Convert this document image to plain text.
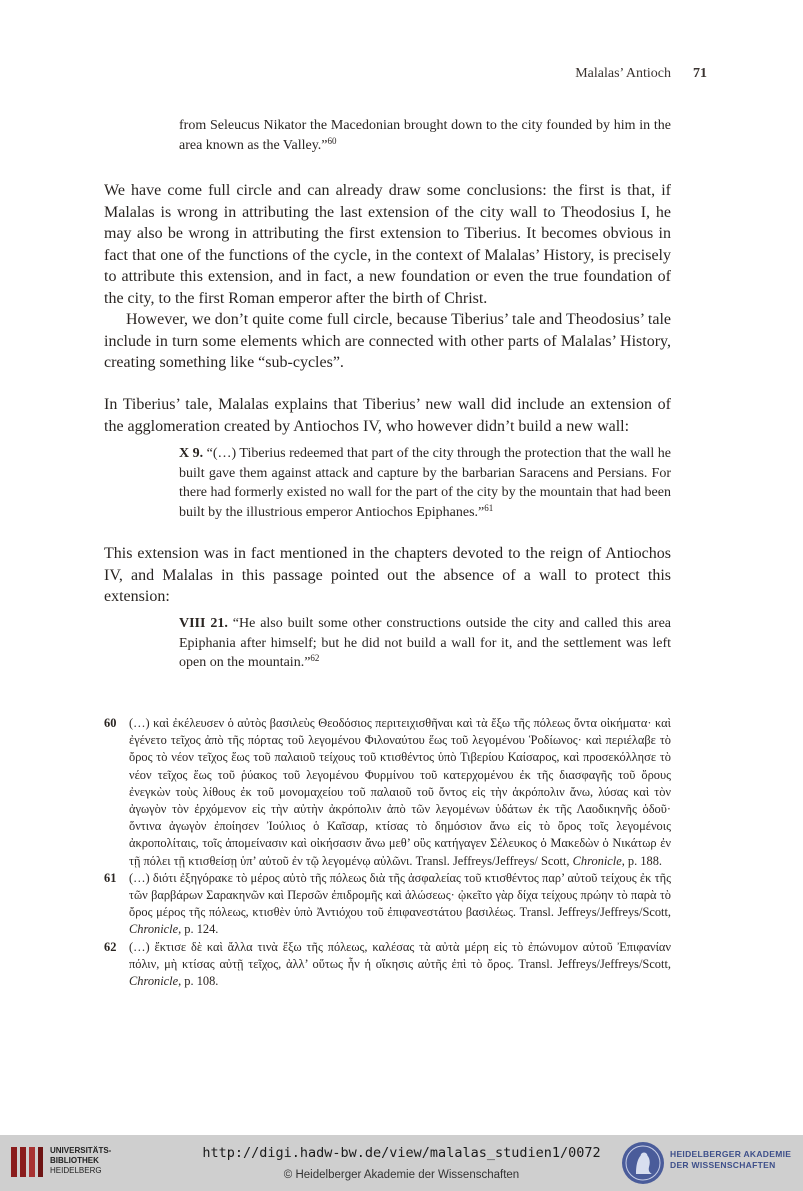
Malalas’ Antioch 71
from Seleucus Nikator the Macedonian brought down to the city founded by him in the area known as the Valley.”$^{60}$

We have come full circle and can already draw some conclusions: the first is that, if Malalas is wrong in attributing the last extension of the city wall to Theodosius I, he may also be wrong in attributing the first extension to Tiberius. It becomes obvious in fact that one of the functions of the cycle, in the context of Malalas’ History, is precisely to attribute this extension, and in fact, a new foundation or even the true foundation of the city, to the first Roman emperor after the birth of Christ.

However, we don’t quite come full circle, because Tiberius’ tale and Theodosius’ tale include in turn some elements which are connected with other parts of Malalas’ History, creating something like “sub-cycles”.

In Tiberius’ tale, Malalas explains that Tiberius’ new wall did include an extension of the agglomeration created by Antiochos IV, who however didn’t build a new wall:

X 9. “(…) Tiberius redeemed that part of the city through the protection that the wall he built gave them against attack and capture by the barbarian Saracens and Persians. For there had formerly existed no wall for the part of the city by the mountain that had been built by the illustrious emperor Antiochos Epiphanes.”$^{61}$

This extension was in fact mentioned in the chapters devoted to the reign of Antiochos IV, and Malalas in this passage pointed out the absence of a wall to protect this extension:

VIII 21. “He also built some other constructions outside the city and called this area Epiphania after himself; but he did not build a wall for it, and the settlement was left open on the mountain.”$^{62}$
60 (…) καὶ ἐκέλευσεν ὁ αὐτὸς βασιλεὺς Θεοδόσιος περιτειχισθῆναι καὶ τὰ ἔξω τῆς πόλεως ὄντα οἰκήματα· καὶ ἐγένετο τεῖχος ἀπὸ τῆς πόρτας τοῦ λεγομένου Φιλοναύτου ἕως τοῦ λεγομένου Ῥοδίωνος· καὶ περιέλαβε τὸ ὄρος τὸ νέον τεῖχος ἕως τοῦ παλαιοῦ τείχους τοῦ κτισθέντος ὑπὸ Τιβερίου Καίσαρος, καὶ προσεκόλλησε τὸ νέον τεῖχος ἕως τοῦ ῥύακος τοῦ λεγομένου Φυρμίνου τοῦ κατερχομένου ἐκ τῆς διασφαγῆς τοῦ ὄρους ἐνεγκὼν τοὺς λίθους ἐκ τοῦ μονομαχείου τοῦ παλαιοῦ τοῦ ὄντος εἰς τὴν ἀκρόπολιν ἄνω, λύσας καὶ τὸν ἀγωγὸν τὸν ἐρχόμενον εἰς τὴν αὐτὴν ἀκρόπολιν ἀπὸ τῶν λεγομένων ὑδάτων ἐκ τῆς Λαοδικηνῆς ὁδοῦ· ὅντινα ἀγωγὸν ἐποίησεν Ἰούλιος ὁ Καῖσαρ, κτίσας τὸ δημόσιον ἄνω εἰς τὸ ὄρος τοῖς λεγομένοις ἀκροπολίταις, τοῖς ἀπομείνασιν καὶ οἰκήσασιν ἄνω μεθ’ οὓς κατήγαγεν Σέλευκος ὁ Μακεδὼν ὁ Νικάτωρ ἐν τῇ πόλει τῇ κτισθείσῃ ὑπ’ αὐτοῦ ἐν τῷ λεγομένῳ αὐλῶνι. Transl. Jeffreys/Jeffreys/ Scott, Chronicle, p. 188.
61 (…) διότι ἐξηγόρακε τὸ μέρος αὐτὸ τῆς πόλεως διὰ τῆς ἀσφαλείας τοῦ κτισθέντος παρ’ αὐτοῦ τείχους ἐκ τῆς τῶν βαρβάρων Σαρακηνῶν καὶ Περσῶν ἐπιδρομῆς καὶ ἁλώσεως· ᾠκεῖτο γὰρ δίχα τείχους πρώην τὸ παρὰ τὸ ὄρος μέρος τῆς πόλεως, κτισθὲν ὑπὸ Ἀντιόχου τοῦ ἐπιφανεστάτου βασιλέως. Transl. Jeffreys/Jeffreys/Scott, Chronicle, p. 124.
62 (…) ἔκτισε δὲ καὶ ἄλλα τινὰ ἔξω τῆς πόλεως, καλέσας τὰ αὐτὰ μέρη εἰς τὸ ἐπώνυμον αὐτοῦ Ἐπιφανίαν πόλιν, μὴ κτίσας αὐτῇ τεῖχος, ἀλλ’ οὕτως ἦν ἡ οἴκησις αὐτῆς ἐπὶ τὸ ὄρος. Transl. Jeffreys/Jeffreys/Scott, Chronicle, p. 108.
UNIVERSITÄTS-
BIBLIOTHEK
HEIDELBERG
http://digi.hadw-bw.de/view/malalas_studien1/0072
© Heidelberger Akademie der Wissenschaften
HEIDELBERGER AKADEMIE
DER WISSENSCHAFTEN
